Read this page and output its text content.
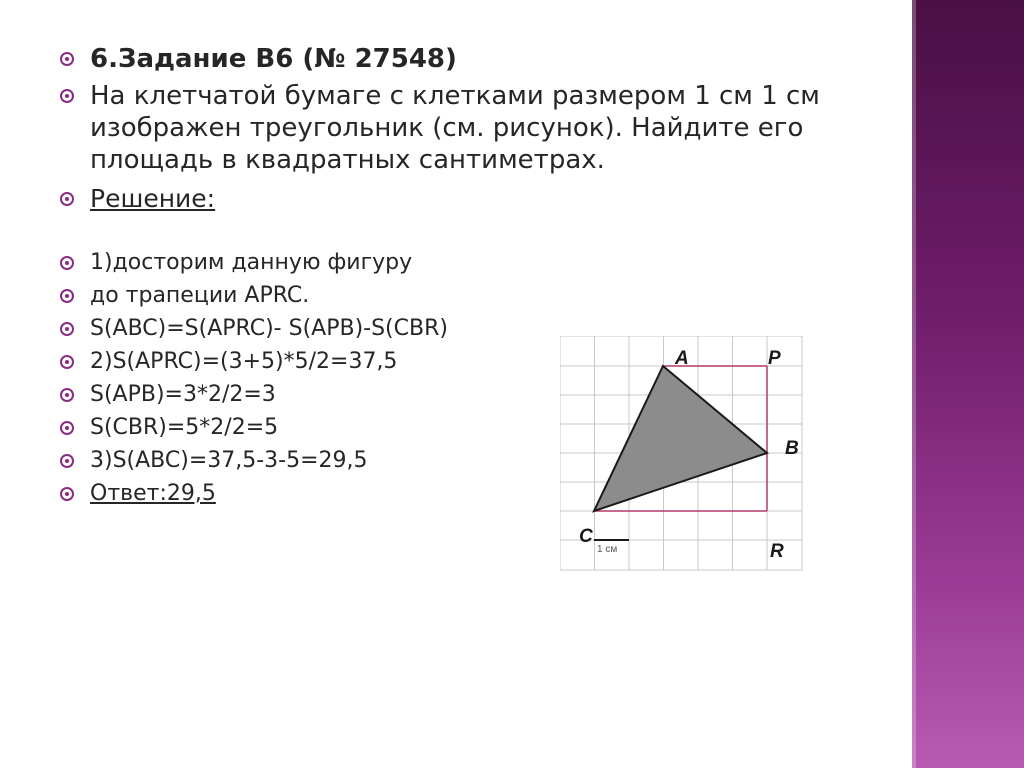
6.Задание В6 (№ 27548)
На клетчатой бумаге с клетками размером 1 см 1 см изображен треугольник (см. рисунок). Найдите его площадь в квадратных сантиметрах.
Решение:
1)досторим данную фигуру
до трапеции APRC.
S(ABC)=S(APRC)- S(APB)-S(CBR)
2)S(APRC)=(3+5)*5/2=37,5
S(APB)=3*2/2=3
S(CBR)=5*2/2=5
3)S(ABC)=37,5-3-5=29,5
Ответ:29,5
1 см
A	P
B
C
R
